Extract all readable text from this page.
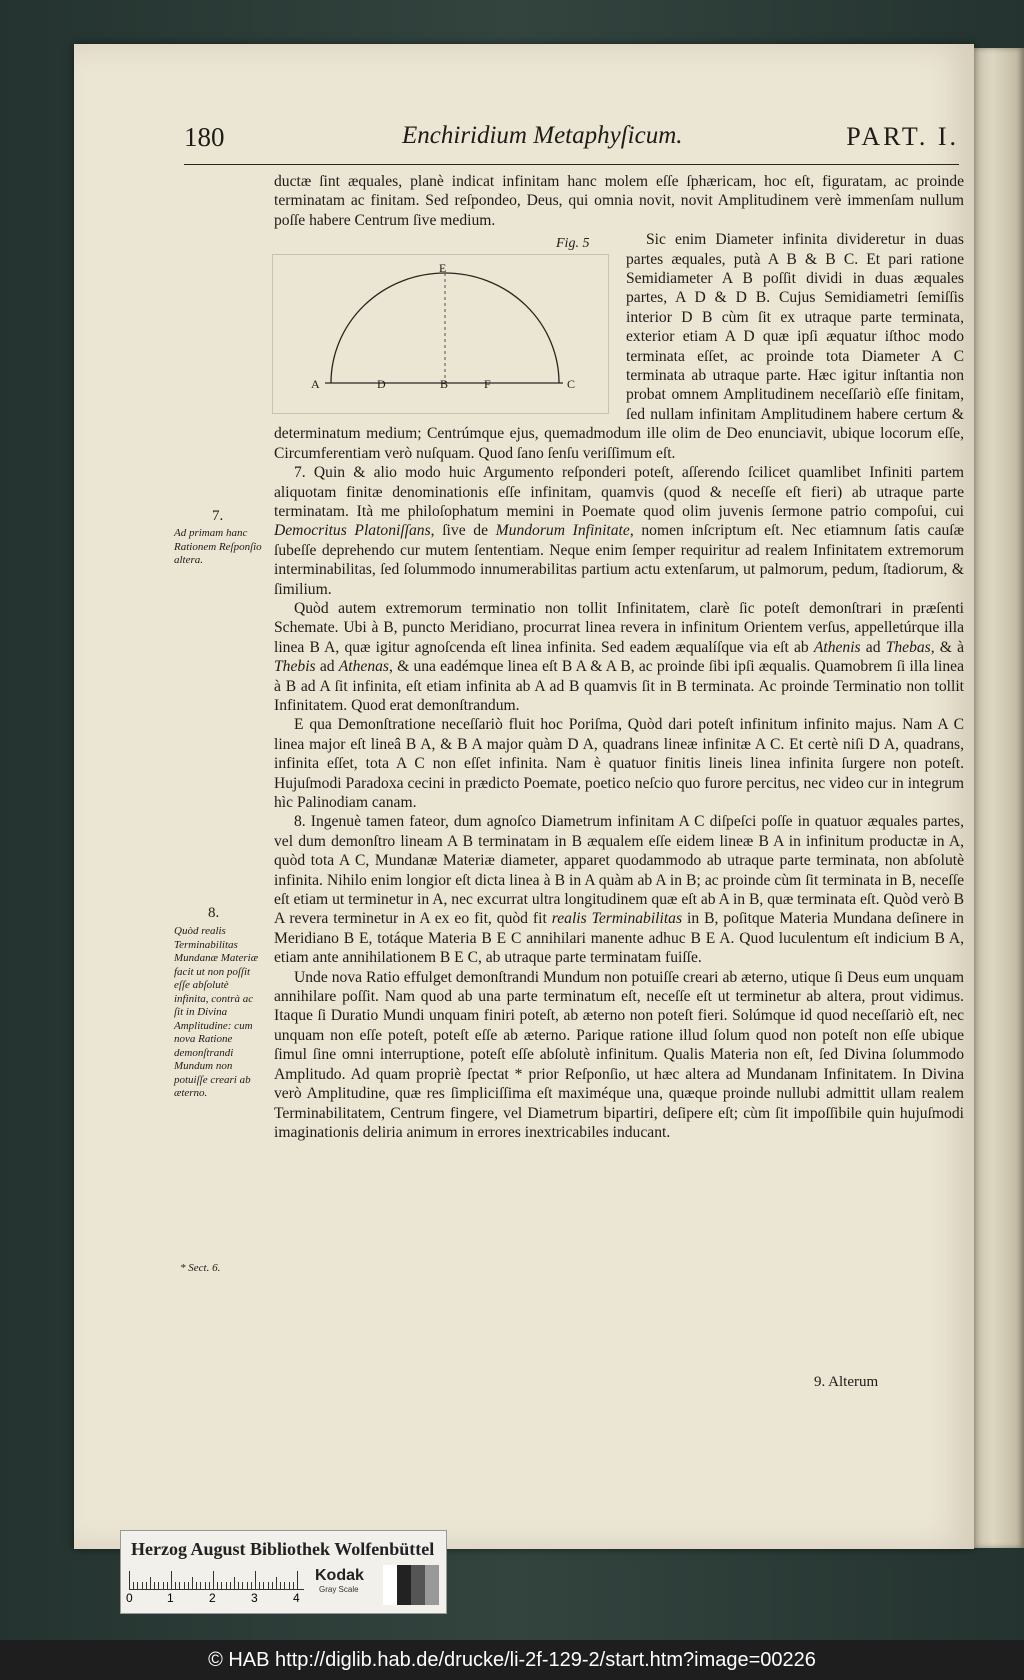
180	Enchiridium Metaphyſicum.	PART. I.
7.
Ad primam hanc Rationem Reſponſio altera.
8.
Quòd realis Terminabilitas Mundanæ Materiæ facit ut non poſſit eſſe abſolutè infinita, contrà ac ſit in Divina Amplitudine: cum nova Ratione demonſtrandi Mundum non potuiſſe creari ab æterno.
* Sect. 6.

ductæ ſint æquales, planè indicat infinitam hanc molem eſſe ſphæricam, hoc eſt, figuratam, ac proinde terminatam ac finitam. Sed reſpondeo, Deus, qui omnia novit, novit Amplitudinem verè immenſam nullum poſſe habere Centrum ſive medium.

Fig. 5
A	D	B	F	C
E

Sic enim Diameter infinita divideretur in duas partes æquales, putà A B & B C. Et pari ratione Semidiameter A B poſſit dividi in duas æquales partes, A D & D B. Cujus Semidiametri ſemiſſis interior D B cùm ſit ex utraque parte terminata, exterior etiam A D quæ ipſi æquatur iſthoc modo terminata eſſet, ac proinde tota Diameter A C terminata ab utraque parte. Hæc igitur inſtantia non probat omnem Amplitudinem neceſſariò eſſe finitam, ſed nullam infinitam Amplitudinem habere certum & determinatum medium; Centrúmque ejus, quemadmodum ille olim de Deo enunciavit, ubique locorum eſſe, Circumferentiam verò nuſquam. Quod ſano ſenſu veriſſimum eſt.

7. Quin & alio modo huic Argumento reſponderi poteſt, aſſerendo ſcilicet quamlibet Infiniti partem aliquotam finitæ denominationis eſſe infinitam, quamvis (quod & neceſſe eſt fieri) ab utraque parte terminatam. Ità me philoſophatum memini in Poemate quod olim juvenis ſermone patrio compoſui, cui Democritus Platoniſſans, ſive de Mundorum Infinitate, nomen inſcriptum eſt. Nec etiamnum ſatis cauſæ ſubeſſe deprehendo cur mutem ſententiam. Neque enim ſemper requiritur ad realem Infinitatem extremorum interminabilitas, ſed ſolummodo innumerabilitas partium actu extenſarum, ut palmorum, pedum, ſtadiorum, & ſimilium.

Quòd autem extremorum terminatio non tollit Infinitatem, clarè ſic poteſt demonſtrari in præſenti Schemate. Ubi à B, puncto Meridiano, procurrat linea revera in infinitum Orientem verſus, appelletúrque illa linea B A, quæ igitur agnoſcenda eſt linea infinita. Sed eadem æqualíſque via eſt ab Athenis ad Thebas, & à Thebis ad Athenas, & una eadémque linea eſt B A & A B, ac proinde ſibi ipſi æqualis. Quamobrem ſi illa linea à B ad A ſit infinita, eſt etiam infinita ab A ad B quamvis ſit in B terminata. Ac proinde Terminatio non tollit Infinitatem. Quod erat demonſtrandum.

E qua Demonſtratione neceſſariò fluit hoc Poriſma, Quòd dari poteſt infinitum infinito majus. Nam A C linea major eſt lineâ B A, & B A major quàm D A, quadrans lineæ infinitæ A C. Et certè niſi D A, quadrans, infinita eſſet, tota A C non eſſet infinita. Nam è quatuor finitis lineis linea infinita ſurgere non poteſt. Hujuſmodi Paradoxa cecini in prædicto Poemate, poetico neſcio quo furore percitus, nec video cur in integrum hìc Palinodiam canam.

8. Ingenuè tamen fateor, dum agnoſco Diametrum infinitam A C diſpeſci poſſe in quatuor æquales partes, vel dum demonſtro lineam A B terminatam in B æqualem eſſe eidem lineæ B A in infinitum productæ in A, quòd tota A C, Mundanæ Materiæ diameter, apparet quodammodo ab utraque parte terminata, non abſolutè infinita. Nihilo enim longior eſt dicta linea à B in A quàm ab A in B; ac proinde cùm ſit terminata in B, neceſſe eſt etiam ut terminetur in A, nec excurrat ultra longitudinem quæ eſt ab A in B, quæ terminata eſt. Quòd verò B A revera terminetur in A ex eo fit, quòd fit realis Terminabilitas in B, poſitque Materia Mundana deſinere in Meridiano B E, totáque Materia B E C annihilari manente adhuc B E A. Quod luculentum eſt indicium B A, etiam ante annihilationem B E C, ab utraque parte terminatam fuiſſe.

Unde nova Ratio effulget demonſtrandi Mundum non potuiſſe creari ab æterno, utique ſi Deus eum unquam annihilare poſſit. Nam quod ab una parte terminatum eſt, neceſſe eſt ut terminetur ab altera, prout vidimus. Itaque ſi Duratio Mundi unquam finiri poteſt, ab æterno non poteſt fieri. Solúmque id quod neceſſariò eſt, nec unquam non eſſe poteſt, poteſt eſſe ab æterno. Parique ratione illud ſolum quod non poteſt non eſſe ubique ſimul ſine omni interruptione, poteſt eſſe abſolutè infinitum. Qualis Materia non eſt, ſed Divina ſolummodo Amplitudo. Ad quam propriè ſpectat * prior Reſponſio, ut hæc altera ad Mundanam Infinitatem. In Divina verò Amplitudine, quæ res ſimpliciſſima eſt maximéque una, quæque proinde nullubi admittit ullam realem Terminabilitatem, Centrum fingere, vel Diametrum bipartiri, deſipere eſt; cùm ſit impoſſibile quin hujuſmodi imaginationis deliria animum in errores inextricabiles inducant.

9. Alterum
Herzog August Bibliothek Wolfenbüttel
0	1	2	3	4
Kodak
Gray Scale
© HAB http://diglib.hab.de/drucke/li-2f-129-2/start.htm?image=00226
